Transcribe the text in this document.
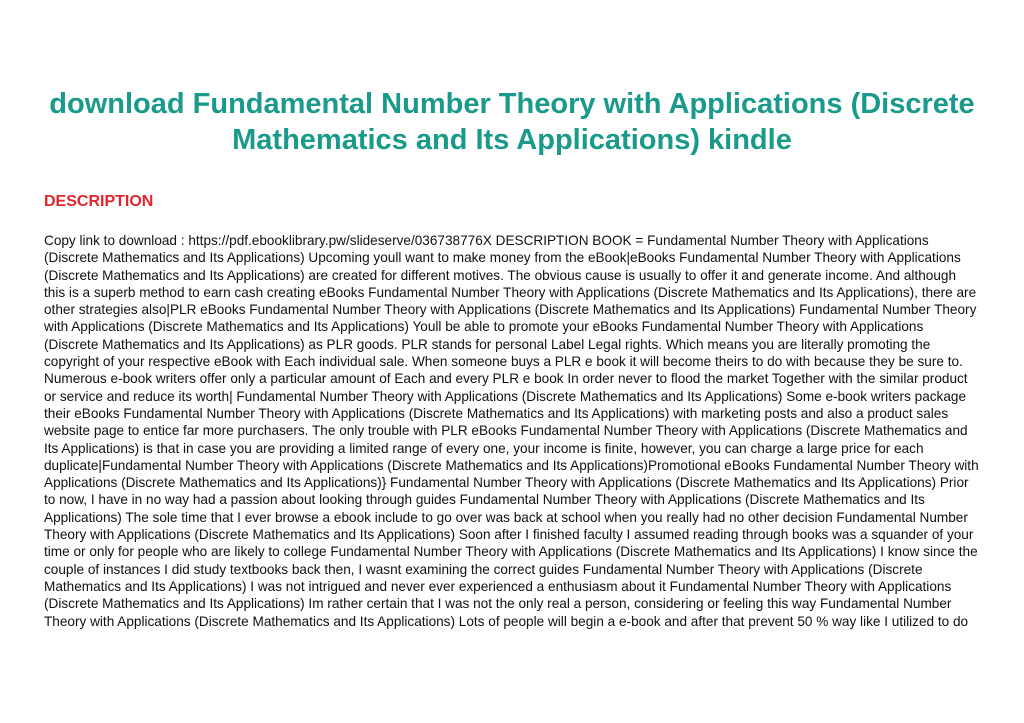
download Fundamental Number Theory with Applications (Discrete Mathematics and Its Applications) kindle
DESCRIPTION

Copy link to download : https://pdf.ebooklibrary.pw/slideserve/036738776X DESCRIPTION BOOK = Fundamental Number Theory with Applications (Discrete Mathematics and Its Applications) Upcoming youll want to make money from the eBook|eBooks Fundamental Number Theory with Applications (Discrete Mathematics and Its Applications) are created for different motives. The obvious cause is usually to offer it and generate income. And although this is a superb method to earn cash creating eBooks Fundamental Number Theory with Applications (Discrete Mathematics and Its Applications), there are other strategies also|PLR eBooks Fundamental Number Theory with Applications (Discrete Mathematics and Its Applications) Fundamental Number Theory with Applications (Discrete Mathematics and Its Applications) Youll be able to promote your eBooks Fundamental Number Theory with Applications (Discrete Mathematics and Its Applications) as PLR goods. PLR stands for personal Label Legal rights. Which means you are literally promoting the copyright of your respective eBook with Each individual sale. When someone buys a PLR e book it will become theirs to do with because they be sure to. Numerous e-book writers offer only a particular amount of Each and every PLR e book In order never to flood the market Together with the similar product or service and reduce its worth| Fundamental Number Theory with Applications (Discrete Mathematics and Its Applications) Some e-book writers package their eBooks Fundamental Number Theory with Applications (Discrete Mathematics and Its Applications) with marketing posts and also a product sales website page to entice far more purchasers. The only trouble with PLR eBooks Fundamental Number Theory with Applications (Discrete Mathematics and Its Applications) is that in case you are providing a limited range of every one, your income is finite, however, you can charge a large price for each duplicate|Fundamental Number Theory with Applications (Discrete Mathematics and Its Applications)Promotional eBooks Fundamental Number Theory with Applications (Discrete Mathematics and Its Applications)} Fundamental Number Theory with Applications (Discrete Mathematics and Its Applications) Prior to now, I have in no way had a passion about looking through guides Fundamental Number Theory with Applications (Discrete Mathematics and Its Applications) The sole time that I ever browse a ebook include to go over was back at school when you really had no other decision Fundamental Number Theory with Applications (Discrete Mathematics and Its Applications) Soon after I finished faculty I assumed reading through books was a squander of your time or only for people who are likely to college Fundamental Number Theory with Applications (Discrete Mathematics and Its Applications) I know since the couple of instances I did study textbooks back then, I wasnt examining the correct guides Fundamental Number Theory with Applications (Discrete Mathematics and Its Applications) I was not intrigued and never ever experienced a enthusiasm about it Fundamental Number Theory with Applications (Discrete Mathematics and Its Applications) Im rather certain that I was not the only real a person, considering or feeling this way Fundamental Number Theory with Applications (Discrete Mathematics and Its Applications) Lots of people will begin a e-book and after that prevent 50 % way like I utilized to do
